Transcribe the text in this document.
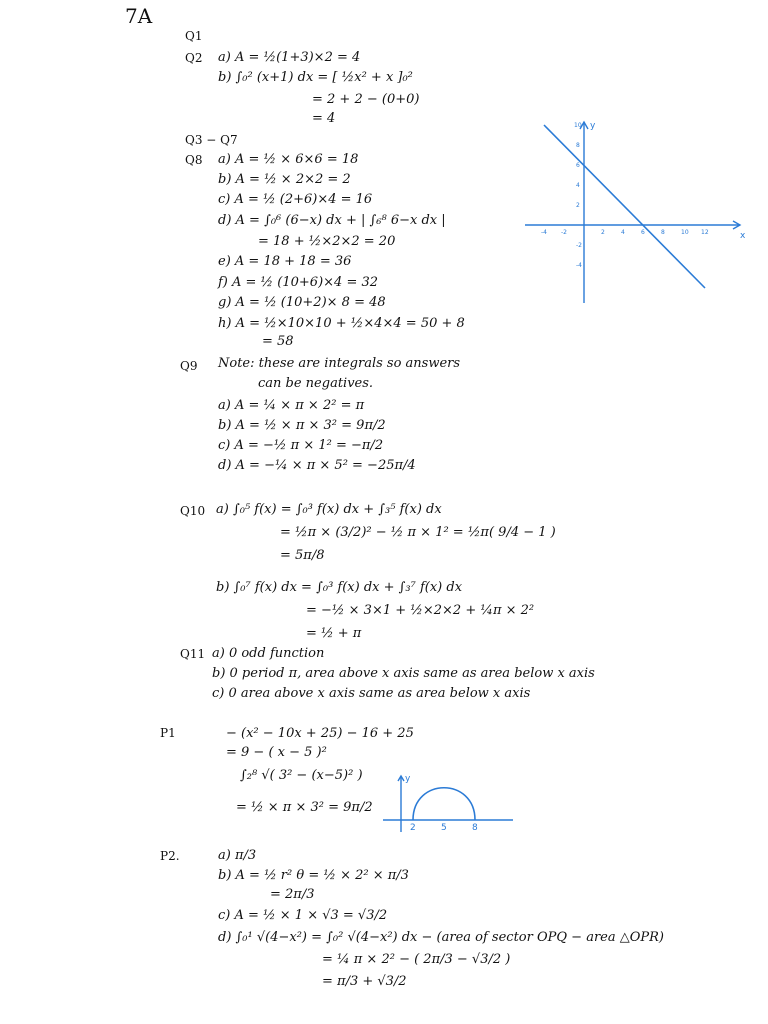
7A
Q1
Q2 a) A = ½(1+3)×2 = 4
b) ∫₀² (x+1) dx = [ ½x² + x ]₀²
= 2 + 2 − (0+0)
= 4
Q3 − Q7
Q8 a) A = ½ × 6×6 = 18
b) A = ½ × 2×2 = 2
c) A = ½ (2+6)×4 = 16
d) A = ∫₀⁶ (6−x) dx + | ∫₆⁸ 6−x dx |
= 18 + ½×2×2 = 20
e) A = 18 + 18 = 36
f) A = ½ (10+6)×4 = 32
g) A = ½ (10+2)× 8 = 48
h) A = ½×10×10 + ½×4×4 = 50 + 8
= 58
-4 -2	2	4	6	8	10 12
8
6
4
2
-2
-4
10 y
x
Q9 Note: these are integrals so answers
can be negatives.
a) A = ¼ × π × 2² = π
b) A = ½ × π × 3² = 9π/2
c) A = −½ π × 1² = −π/2
d) A = −¼ × π × 5² = −25π/4
Q10 a) ∫₀⁵ f(x) = ∫₀³ f(x) dx + ∫₃⁵ f(x) dx
= ½π × (3/2)² − ½ π × 1² = ½π( 9/4 − 1 )
= 5π/8
b) ∫₀⁷ f(x) dx = ∫₀³ f(x) dx + ∫₃⁷ f(x) dx
= −½ × 3×1 + ½×2×2 + ¼π × 2²
= ½ + π
Q11 a) 0 odd function
b) 0 period π, area above x axis same as area below x axis
c) 0 area above x axis same as area below x axis
P1	− (x² − 10x + 25) − 16 + 25
= 9 − ( x − 5 )²
∫₂⁸ √( 3² − (x−5)² )
= ½ × π × 3² = 9π/2
y
2	5	8
P2.	a) π/3
b) A = ½ r² θ = ½ × 2² × π/3
= 2π/3
c) A = ½ × 1 × √3 = √3/2
d) ∫₀¹ √(4−x²) = ∫₀² √(4−x²) dx − (area of sector OPQ − area △OPR)
= ¼ π × 2² − ( 2π/3 − √3/2 )
= π/3 + √3/2
